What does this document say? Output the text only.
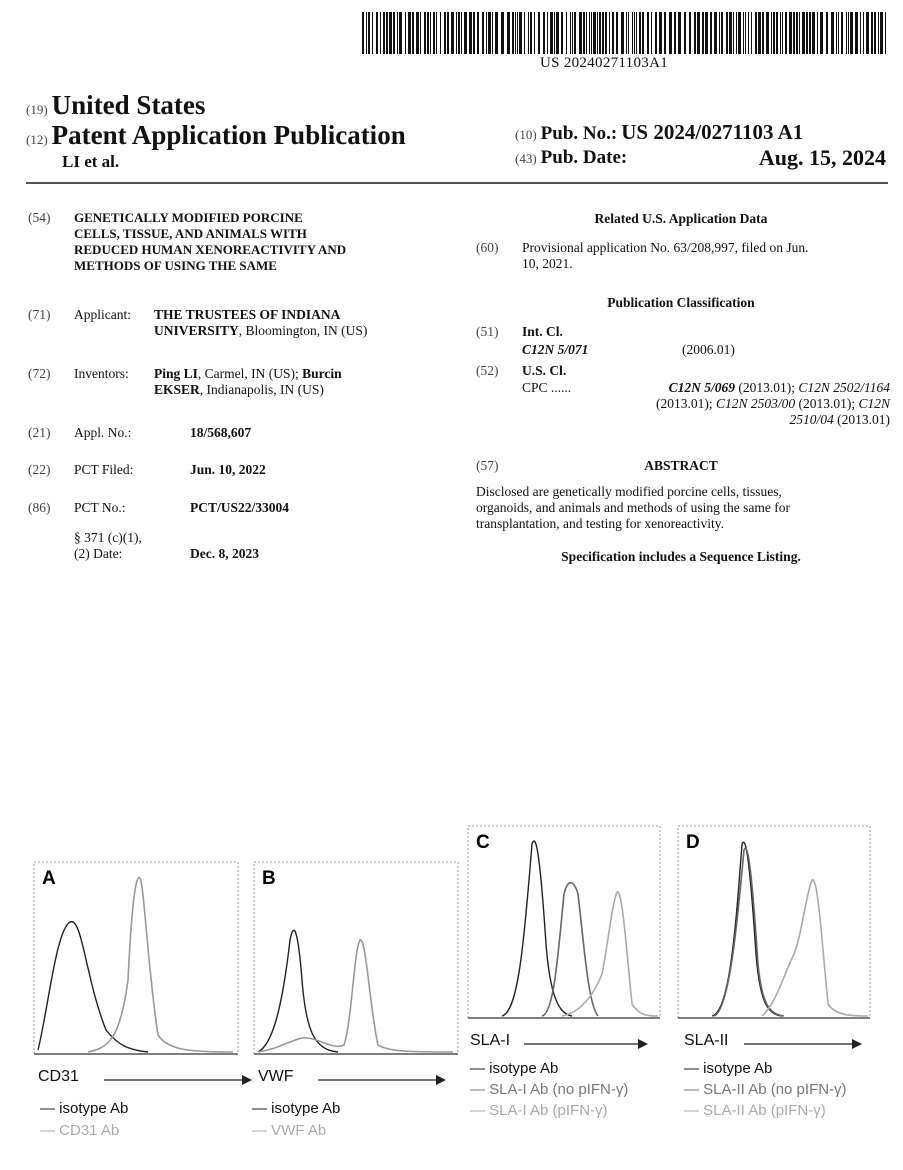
US 20240271103A1
(19) United States
(12) Patent Application Publication
LI et al.
(10) Pub. No.: US 2024/0271103 A1
(43) Pub. Date:	Aug. 15, 2024
(54) GENETICALLY MODIFIED PORCINE
CELLS, TISSUE, AND ANIMALS WITH
REDUCED HUMAN XENOREACTIVITY AND
METHODS OF USING THE SAME
(71) Applicant: THE TRUSTEES OF INDIANA
UNIVERSITY, Bloomington, IN (US)
(72) Inventors: Ping LI, Carmel, IN (US); Burcin
EKSER, Indianapolis, IN (US)
(21) Appl. No.:	18/568,607
(22) PCT Filed:	Jun. 10, 2022
(86) PCT No.:	PCT/US22/33004
§ 371 (c)(1),
(2) Date:	Dec. 8, 2023
Related U.S. Application Data
(60) Provisional application No. 63/208,997, filed on Jun.
10, 2021.
Publication Classification
(51) Int. Cl.
C12N 5/071	(2006.01)
(52) U.S. Cl.
CPC ......	C12N 5/069 (2013.01); C12N 2502/1164
(2013.01); C12N 2503/00 (2013.01); C12N
2510/04 (2013.01)
(57)	ABSTRACT
Disclosed are genetically modified porcine cells, tissues,
organoids, and animals and methods of using the same for
transplantation, and testing for xenoreactivity.
Specification includes a Sequence Listing.
A
CD31
— isotype Ab
— CD31 Ab
B
VWF
— isotype Ab
— VWF Ab
C
SLA-I
— isotype Ab
— SLA-I Ab (no pIFN-γ)
— SLA-I Ab (pIFN-γ)
D
SLA-II
— isotype Ab
— SLA-II Ab (no pIFN-γ)
— SLA-II Ab (pIFN-γ)
